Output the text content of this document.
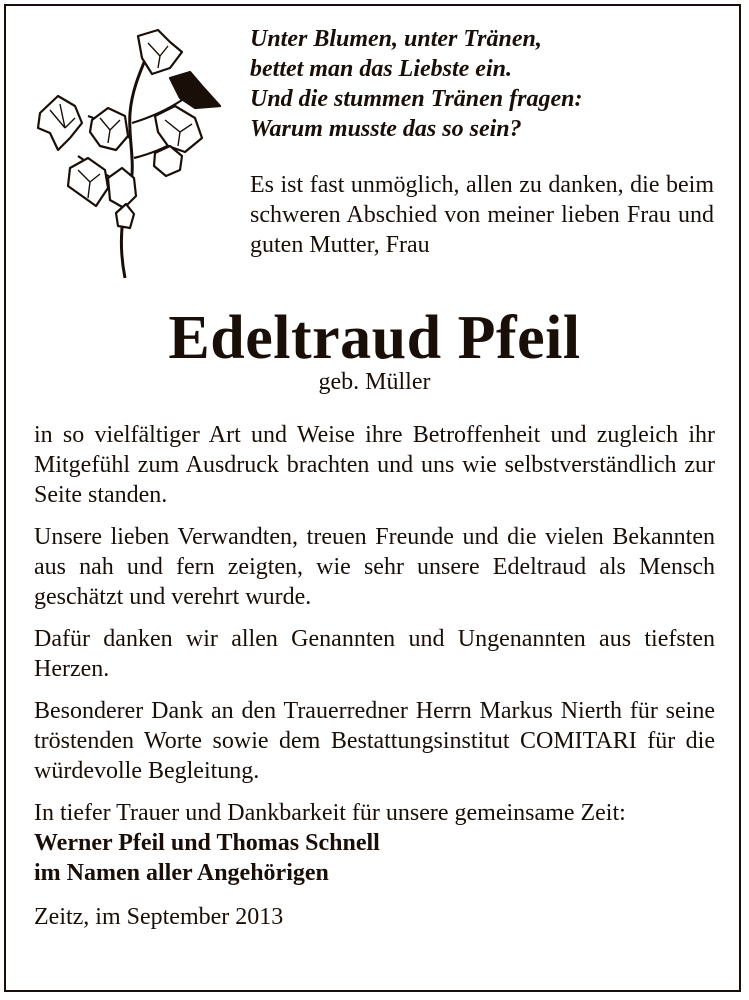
Unter Blumen, unter Tränen,
bettet man das Liebste ein.
Und die stummen Tränen fragen:
Warum musste das so sein?
Es ist fast unmöglich, allen zu danken, die beim schweren Abschied von meiner lieben Frau und guten Mutter, Frau
Edeltraud Pfeil
geb. Müller

in so vielfältiger Art und Weise ihre Betroffenheit und zugleich ihr Mitgefühl zum Ausdruck brachten und uns wie selbstverständlich zur Seite standen.

Unsere lieben Verwandten, treuen Freunde und die vielen Bekannten aus nah und fern zeigten, wie sehr unsere Edeltraud als Mensch geschätzt und verehrt wurde.

Dafür danken wir allen Genannten und Ungenannten aus tiefsten Herzen.

Besonderer Dank an den Trauerredner Herrn Markus Nierth für seine tröstenden Worte sowie dem Bestattungsinstitut COMITARI für die würdevolle Begleitung.

In tiefer Trauer und Dankbarkeit für unsere gemeinsame Zeit:

Werner Pfeil und Thomas Schnell
im Namen aller Angehörigen
Zeitz, im September 2013
